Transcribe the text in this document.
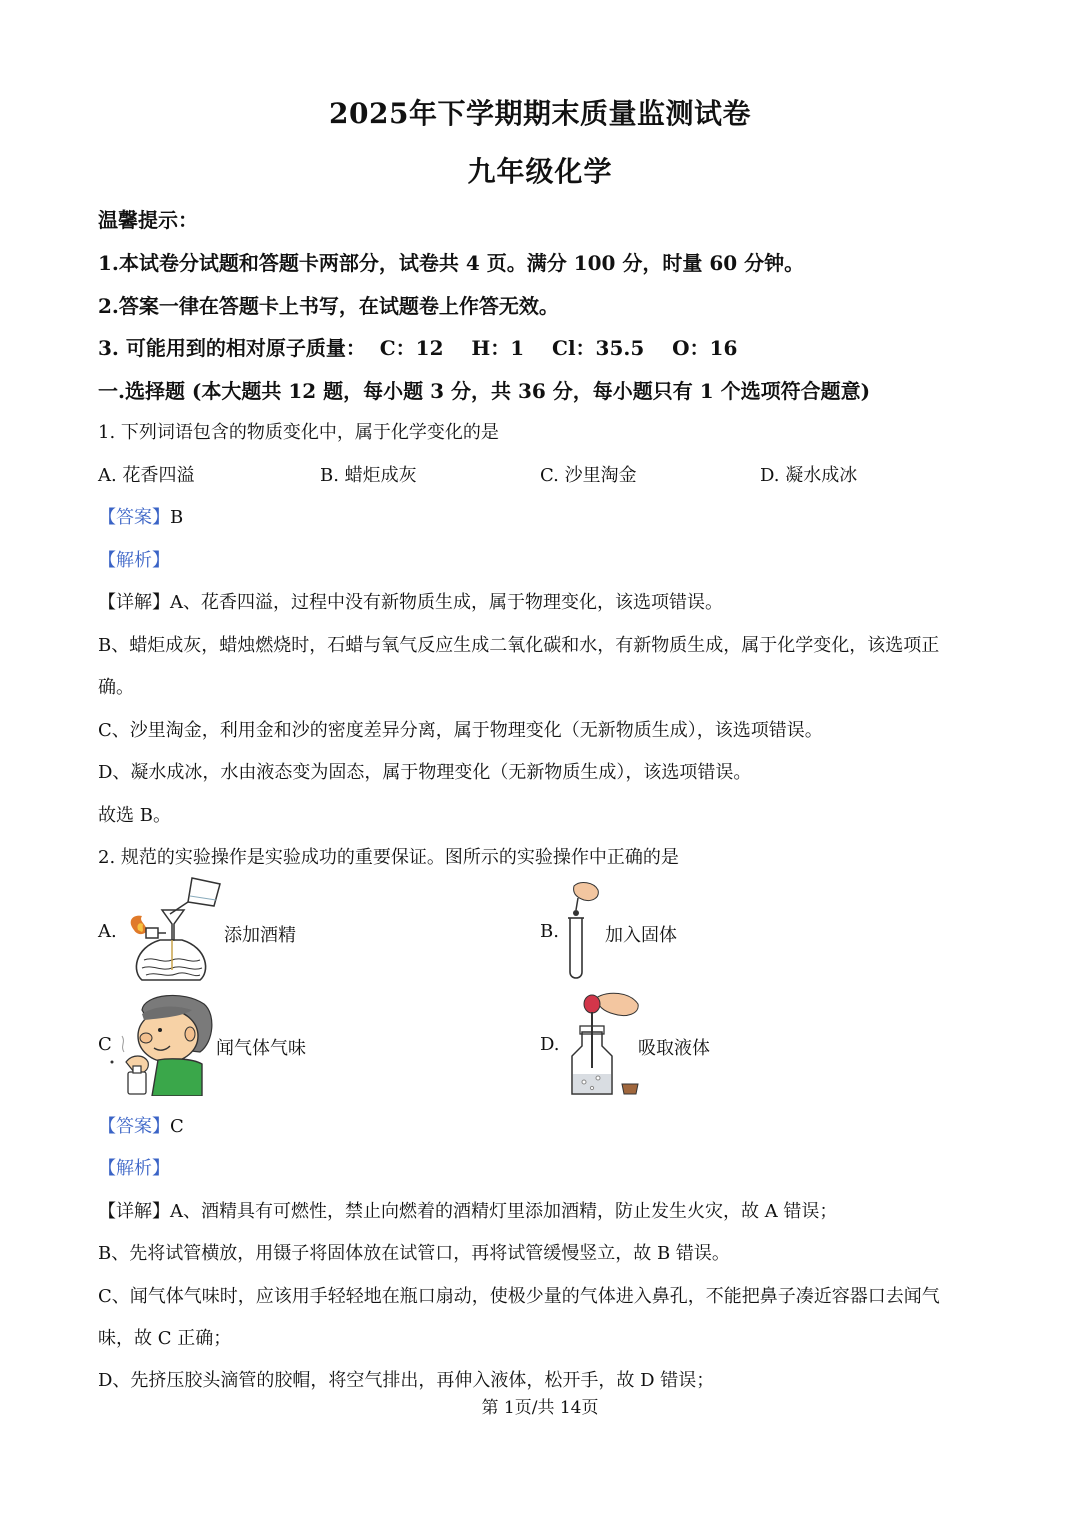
2025年下学期期末质量监测试卷
九年级化学
温馨提示：
1.本试卷分试题和答题卡两部分，试卷共 4 页。满分 100 分，时量 60 分钟。
2.答案一律在答题卡上书写，在试题卷上作答无效。
3. 可能用到的相对原子质量：  C：12    H：1    Cl：35.5    O：16
一.选择题 (本大题共 12 题，每小题 3 分，共 36 分，每小题只有 1 个选项符合题意)
1. 下列词语包含的物质变化中，属于化学变化的是
A. 花香四溢	B. 蜡炬成灰	C. 沙里淘金	D. 凝水成冰
【答案】B
【解析】
【详解】A、花香四溢，过程中没有新物质生成，属于物理变化，该选项错误。
B、蜡炬成灰，蜡烛燃烧时，石蜡与氧气反应生成二氧化碳和水，有新物质生成，属于化学变化，该选项正
确。
C、沙里淘金，利用金和沙的密度差异分离，属于物理变化（无新物质生成），该选项错误。
D、凝水成冰，水由液态变为固态，属于物理变化（无新物质生成），该选项错误。
故选 B。
2. 规范的实验操作是实验成功的重要保证。图所示的实验操作中正确的是
A.	添加酒精	B.	加入固体
C	闻气体气味	D.	吸取液体
【答案】C
【解析】
【详解】A、酒精具有可燃性，禁止向燃着的酒精灯里添加酒精，防止发生火灾，故 A 错误；
B、先将试管横放，用镊子将固体放在试管口，再将试管缓慢竖立，故 B 错误。
C、闻气体气味时，应该用手轻轻地在瓶口扇动，使极少量的气体进入鼻孔，不能把鼻子凑近容器口去闻气
味，故 C 正确；
D、先挤压胶头滴管的胶帽，将空气排出，再伸入液体，松开手，故 D 错误；
第 1页/共 14页
